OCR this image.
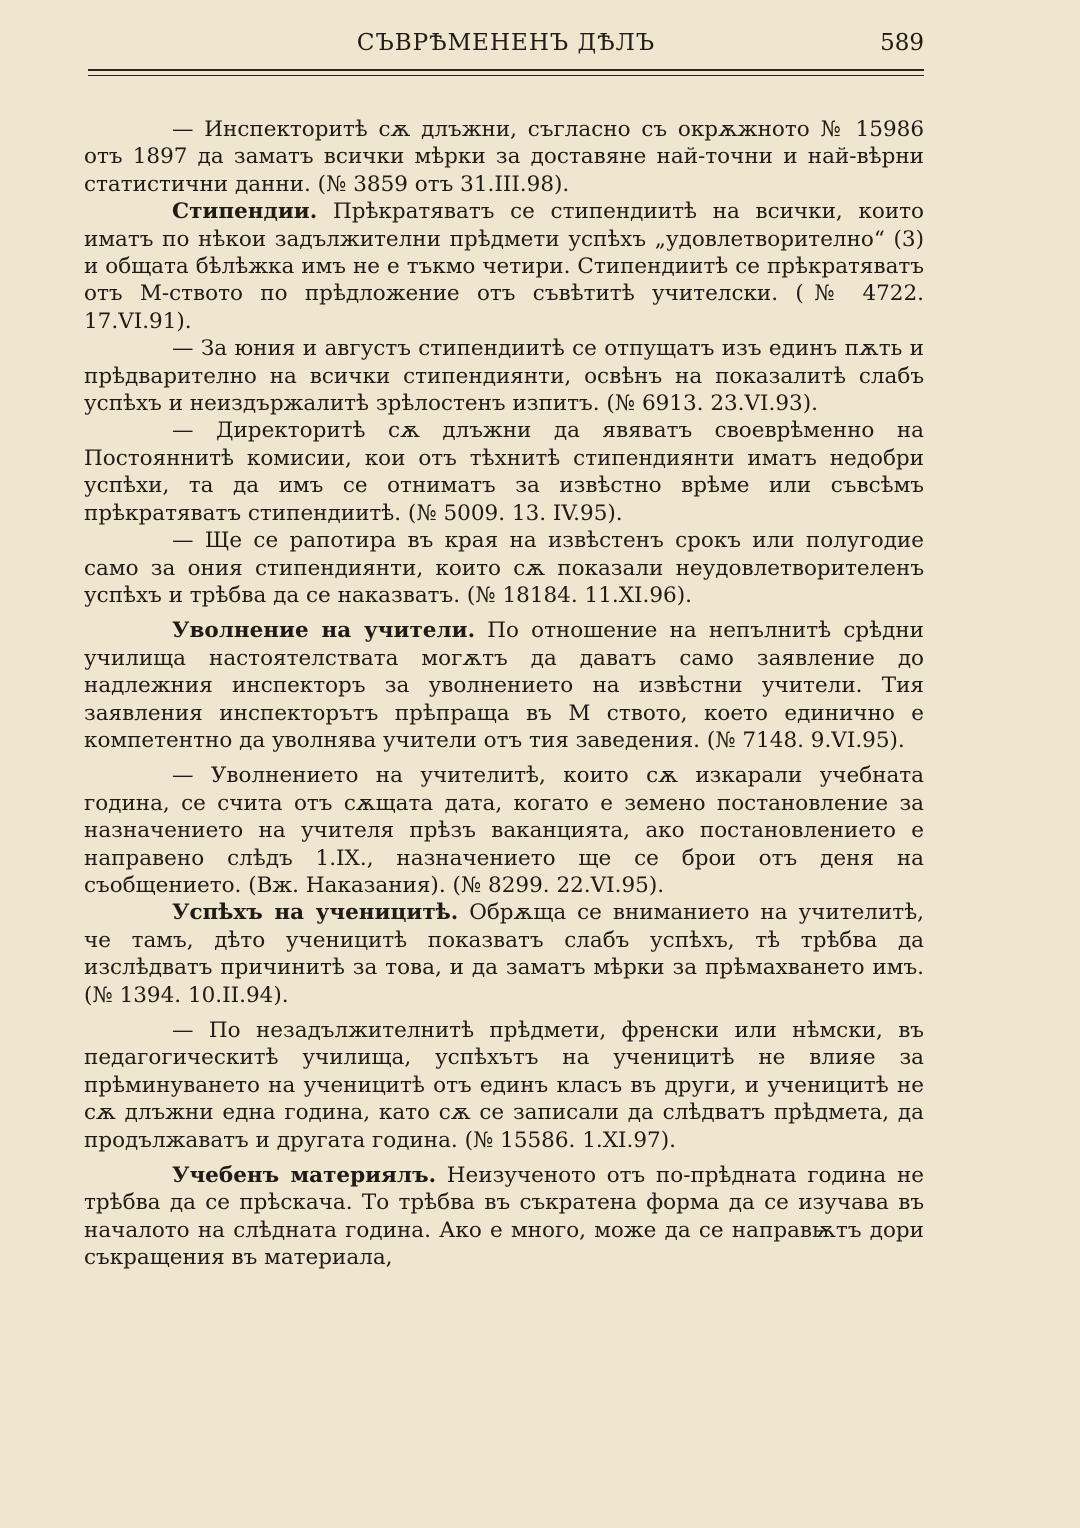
СЪВРѢМЕНЕНЪ ДѢЛЪ	589

— Инспекторитѣ сѫ длъжни, съгласно съ окрѫжното № 15986 отъ 1897 да заматъ всички мѣрки за доставяне най-точни и най-вѣрни статистични данни. (№ 3859 отъ 31.III.98).

Стипендии. Прѣкратяватъ се стипендиитѣ на всички, които иматъ по нѣкои задължителни прѣдмети успѣхъ „удовлетворително“ (3) и общата бѣлѣжка имъ не е тъкмо четири. Стипендиитѣ се прѣкратяватъ отъ М-ството по прѣдложение отъ съвѣтитѣ учителски. (№ 4722. 17.VI.91).

— За юния и августъ стипендиитѣ се отпущатъ изъ единъ пѫть и прѣдварително на всички стипендиянти, освѣнъ на показалитѣ слабъ успѣхъ и неиздържалитѣ зрѣлостенъ изпитъ. (№ 6913. 23.VI.93).

— Директоритѣ сѫ длъжни да явяватъ своеврѣменно на Постояннитѣ комисии, кои отъ тѣхнитѣ стипендиянти иматъ недобри успѣхи, та да имъ се отниматъ за извѣстно врѣме или съвсѣмъ прѣкратяватъ стипендиитѣ. (№ 5009. 13. IV.95).

— Ще се рапотира въ края на извѣстенъ срокъ или полугодие само за ония стипендиянти, които сѫ показали неудовлетворителенъ успѣхъ и трѣбва да се наказватъ. (№ 18184. 11.XI.96).

Уволнение на учители. По отношение на непълнитѣ срѣдни училища настоятелствата могѫтъ да даватъ само заявление до надлежния инспекторъ за уволнението на извѣстни учители. Тия заявления инспекторътъ прѣпраща въ М ството, което единично е компетентно да уволнява учители отъ тия заведения. (№ 7148. 9.VI.95).

— Уволнението на учителитѣ, които сѫ изкарали учебната година, се счита отъ сѫщата дата, когато е земено постановление за назначението на учителя прѣзъ ваканцията, ако постановлението е направено слѣдъ 1.IX., назначението ще се брои отъ деня на съобщението. (Вж. Наказания). (№ 8299. 22.VI.95).

Успѣхъ на ученицитѣ. Обрѫща се вниманието на учителитѣ, че тамъ, дѣто ученицитѣ показватъ слабъ успѣхъ, тѣ трѣбва да изслѣдватъ причинитѣ за това, и да заматъ мѣрки за прѣмахването имъ. (№ 1394. 10.II.94).

— По незадължителнитѣ прѣдмети, френски или нѣмски, въ педагогическитѣ училища, успѣхътъ на ученицитѣ не влияе за прѣминуването на ученицитѣ отъ единъ класъ въ други, и ученицитѣ не сѫ длъжни една година, като сѫ се записали да слѣдватъ прѣдмета, да продължаватъ и другата година. (№ 15586. 1.XI.97).

Учебенъ материялъ. Неизученото отъ по-прѣдната година не трѣбва да се прѣскача. То трѣбва въ съкратена форма да се изучава въ началото на слѣдната година. Ако е много, може да се направѭтъ дори съкращения въ материала,
